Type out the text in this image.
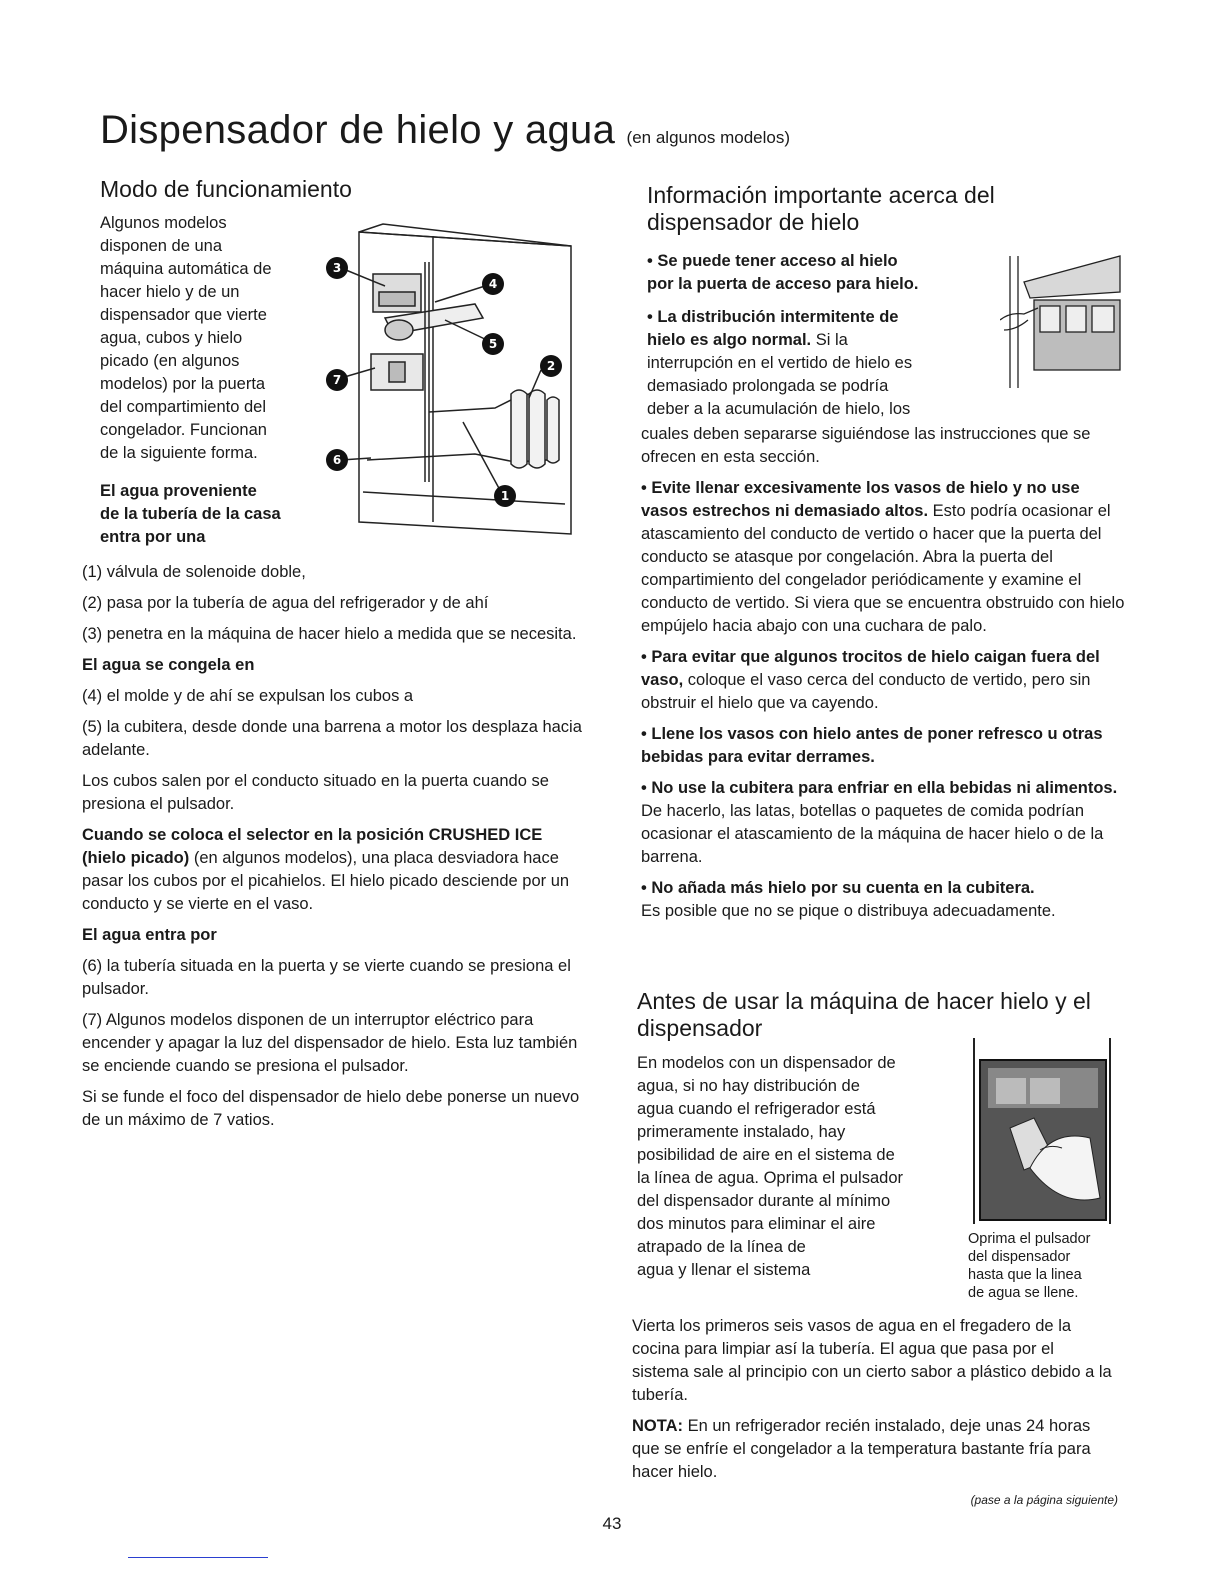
Dispensador de hielo y agua (en algunos modelos)
Modo de funcionamiento
Algunos modelos
disponen de una
máquina automática de
hacer hielo y de un
dispensador que vierte
agua, cubos y hielo
picado (en algunos
modelos) por la puerta
del compartimiento del
congelador. Funcionan
de la siguiente forma.
El agua proveniente
de la tubería de la casa
entra por una
3
4
5
2
7
6
1

(1) válvula de solenoide doble,

(2) pasa por la tubería de agua del refrigerador y de ahí

(3) penetra en la máquina de hacer hielo a medida que se necesita.

El agua se congela en

(4) el molde y de ahí se expulsan los cubos a

(5) la cubitera, desde donde una barrena a motor los desplaza hacia adelante.

Los cubos salen por el conducto situado en la puerta cuando se presiona el pulsador.

Cuando se coloca el selector en la posición CRUSHED ICE (hielo picado) (en algunos modelos), una placa desviadora hace pasar los cubos por el picahielos. El hielo picado desciende por un conducto y se vierte en el vaso.

El agua entra por

(6) la tubería situada en la puerta y se vierte cuando se presiona el pulsador.

(7) Algunos modelos disponen de un interruptor eléctrico para encender y apagar la luz del dispensador de hielo. Esta luz también se enciende cuando se presiona el pulsador.

Si se funde el foco del dispensador de hielo debe ponerse un nuevo de un máximo de 7 vatios.

Información importante acerca del
dispensador de hielo
• Se puede tener acceso al hielo
por la puerta de acceso para hielo.
• La distribución intermitente de
hielo es algo normal. Si la
interrupción en el vertido de hielo es
demasiado prolongada se podría
deber a la acumulación de hielo, los

cuales deben separarse siguiéndose las instrucciones que se ofrecen en esta sección.

• Evite llenar excesivamente los vasos de hielo y no use vasos estrechos ni demasiado altos. Esto podría ocasionar el atascamiento del conducto de vertido o hacer que la puerta del conducto se atasque por congelación. Abra la puerta del compartimiento del congelador periódicamente y examine el conducto de vertido. Si viera que se encuentra obstruido con hielo empújelo hacia abajo con una cuchara de palo.

• Para evitar que algunos trocitos de hielo caigan fuera del vaso, coloque el vaso cerca del conducto de vertido, pero sin obstruir el hielo que va cayendo.

• Llene los vasos con hielo antes de poner refresco u otras bebidas para evitar derrames.

• No use la cubitera para enfriar en ella bebidas ni alimentos. De hacerlo, las latas, botellas o paquetes de comida podrían ocasionar el atascamiento de la máquina de hacer hielo o de la barrena.

• No añada más hielo por su cuenta en la cubitera.
Es posible que no se pique o distribuya adecuadamente.

Antes de usar la máquina de hacer hielo y el
dispensador
En modelos con un dispensador de
agua, si no hay distribución de
agua cuando el refrigerador está
primeramente instalado, hay
posibilidad de aire en el sistema de
la línea de agua. Oprima el pulsador
del dispensador durante al mínimo
dos minutos para eliminar el aire
atrapado de la línea de
agua y llenar el sistema
Oprima el pulsador
del dispensador
hasta que la linea
de agua se llene.

Vierta los primeros seis vasos de agua en el fregadero de la cocina para limpiar así la tubería. El agua que pasa por el sistema sale al principio con un cierto sabor a plástico debido a la tubería.

NOTA: En un refrigerador recién instalado, deje unas 24 horas que se enfríe el congelador a la temperatura bastante fría para hacer hielo.

(pase a la página siguiente)
43
